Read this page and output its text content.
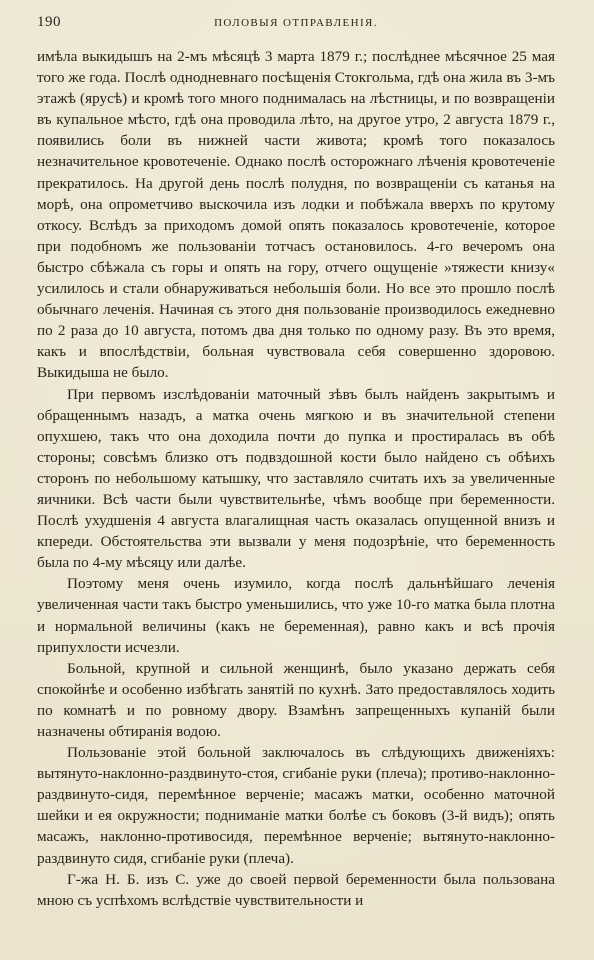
190	ПОЛОВЫЯ ОТПРАВЛЕНІЯ.

имѣла выкидышъ на 2-мъ мѣсяцѣ 3 марта 1879 г.; послѣднее мѣсячное 25 мая того же года. Послѣ однодневнаго посѣщенія Стокгольма, гдѣ она жила въ 3-мъ этажѣ (ярусѣ) и кромѣ того много поднималась на лѣстницы, и по возвращеніи въ купальное мѣсто, гдѣ она проводила лѣто, на другое утро, 2 августа 1879 г., появились боли въ нижней части живота; кромѣ того показалось незначительное кровотеченіе. Однако послѣ осторожнаго лѣченія кровотеченіе прекратилось. На другой день послѣ полудня, по возвращеніи съ катанья на морѣ, она опрометчиво выскочила изъ лодки и побѣжала вверхъ по крутому откосу. Вслѣдъ за приходомъ домой опять показалось кровотеченіе, которое при подобномъ же пользованіи тотчасъ остановилось. 4-го вечеромъ она быстро сбѣжала съ горы и опять на гору, отчего ощущеніе »тяжести книзу« усилилось и стали обнаруживаться небольшія боли. Но все это прошло послѣ обычнаго леченія. Начиная съ этого дня пользованіе производилось ежедневно по 2 раза до 10 августа, потомъ два дня только по одному разу. Въ это время, какъ и впослѣдствіи, больная чувствовала себя совершенно здоровою. Выкидыша не было.

При первомъ изслѣдованіи маточный зѣвъ былъ найденъ закрытымъ и обращеннымъ назадъ, а матка очень мягкою и въ значительной степени опухшею, такъ что она доходила почти до пупка и простиралась въ обѣ стороны; совсѣмъ близко отъ подвздошной кости было найдено съ обѣихъ сторонъ по небольшому катышку, что заставляло считать ихъ за увеличенные яичники. Всѣ части были чувствительнѣе, чѣмъ вообще при беременности. Послѣ ухудшенія 4 августа влагалищная часть оказалась опущенной внизъ и кпереди. Обстоятельства эти вызвали у меня подозрѣніе, что беременность была по 4-му мѣсяцу или далѣе.

Поэтому меня очень изумило, когда послѣ дальнѣйшаго леченія увеличенная части такъ быстро уменьшились, что уже 10-го матка была плотна и нормальной величины (какъ не беременная), равно какъ и всѣ прочія припухлости исчезли.

Больной, крупной и сильной женщинѣ, было указано держать себя спокойнѣе и особенно избѣгать занятій по кухнѣ. Зато предоставлялось ходить по комнатѣ и по ровному двору. Взамѣнъ запрещенныхъ купаній были назначены обтиранія водою.

Пользованіе этой больной заключалось въ слѣдующихъ движеніяхъ: вытянуто-наклонно-раздвинуто-стоя, сгибаніе руки (плеча); противо-наклонно-раздвинуто-сидя, перемѣнное верченіе; масажъ матки, особенно маточной шейки и ея окружности; подниманіе матки болѣе съ боковъ (3-й видъ); опять масажъ, наклонно-противосидя, перемѣнное верченіе; вытянуто-наклонно-раздвинуто сидя, сгибаніе руки (плеча).

Г-жа Н. Б. изъ С. уже до своей первой беременности была пользована мною съ успѣхомъ вслѣдствіе чувствительности и
